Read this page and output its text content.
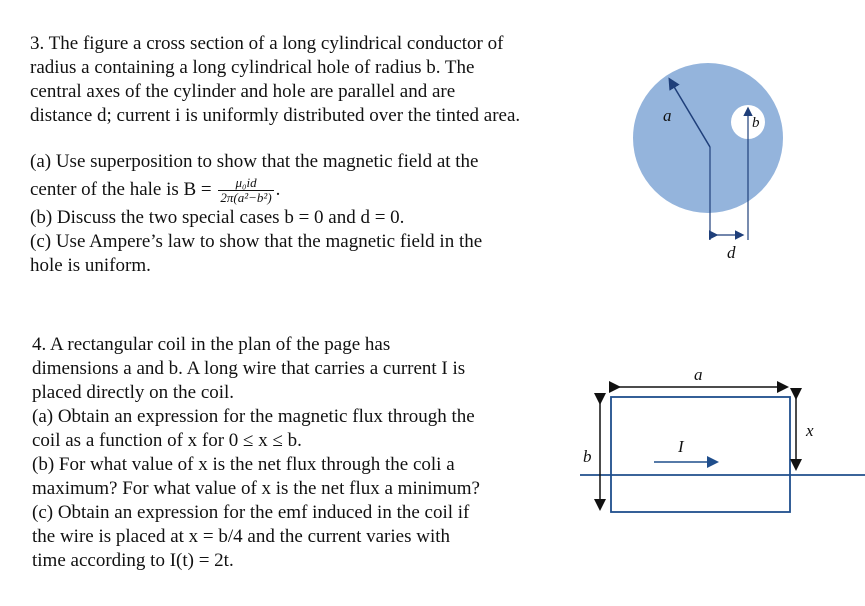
3. The figure a cross section of a long cylindrical conductor of
radius a containing a long cylindrical hole of radius b. The
central axes of the cylinder and hole are parallel and are
distance d; current i is uniformly distributed over the tinted area.
(a) Use superposition to show that the magnetic field at the
center of the hale is $B = \frac{\text{μ₀id}}{\text{2π(a²−b²)}}$ .
(b) Discuss the two special cases b = 0 and d = 0.
(c) Use Ampere’s law to show that the magnetic field in the
hole is uniform.
4. A rectangular coil in the plan of the page has
dimensions a and b. A long wire that carries a current I is
placed directly on the coil.
(a) Obtain an expression for the magnetic flux through the
coil as a function of x for 0 ≤ x ≤ b.
(b) For what value of x is the net flux through the coli a
maximum? For what value of x is the net flux a minimum?
(c) Obtain an expression for the emf induced in the coil if
the wire is placed at x = b/4 and the current varies with
time according to I(t) = 2t.
a	b
d
a
b
I
x
